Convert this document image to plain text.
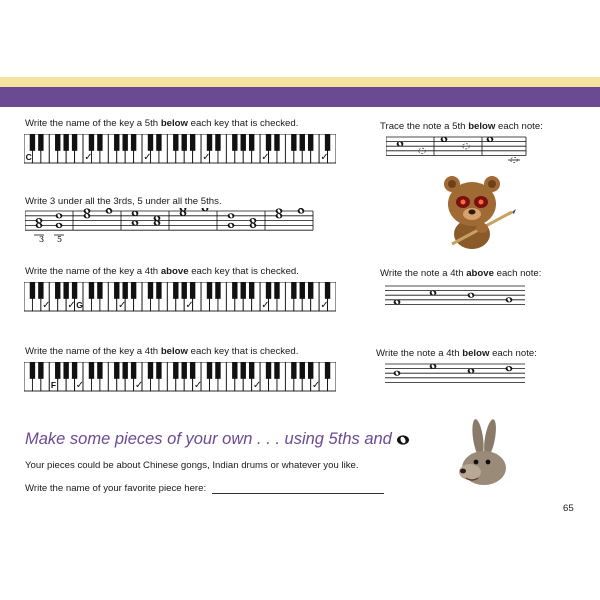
Write the name of the key a 5th below each key that is checked.
✓	✓	✓	✓	✓
C
Write 3 under all the 3rds, 5 under all the 5ths.
3 5
Write the name of the key a 4th above each key that is checked.
✓ ✓	✓	✓	✓	✓
G
Write the name of the key a 4th below each key that is checked.
✓	✓	✓	✓	✓
F
Trace the note a 5th below each note:
Write the note a 4th above each note:
Write the note a 4th below each note:
Make some pieces of your own . . . using 5ths and
Your pieces could be about Chinese gongs, Indian drums or whatever you like.
Write the name of your favorite piece here:
65
